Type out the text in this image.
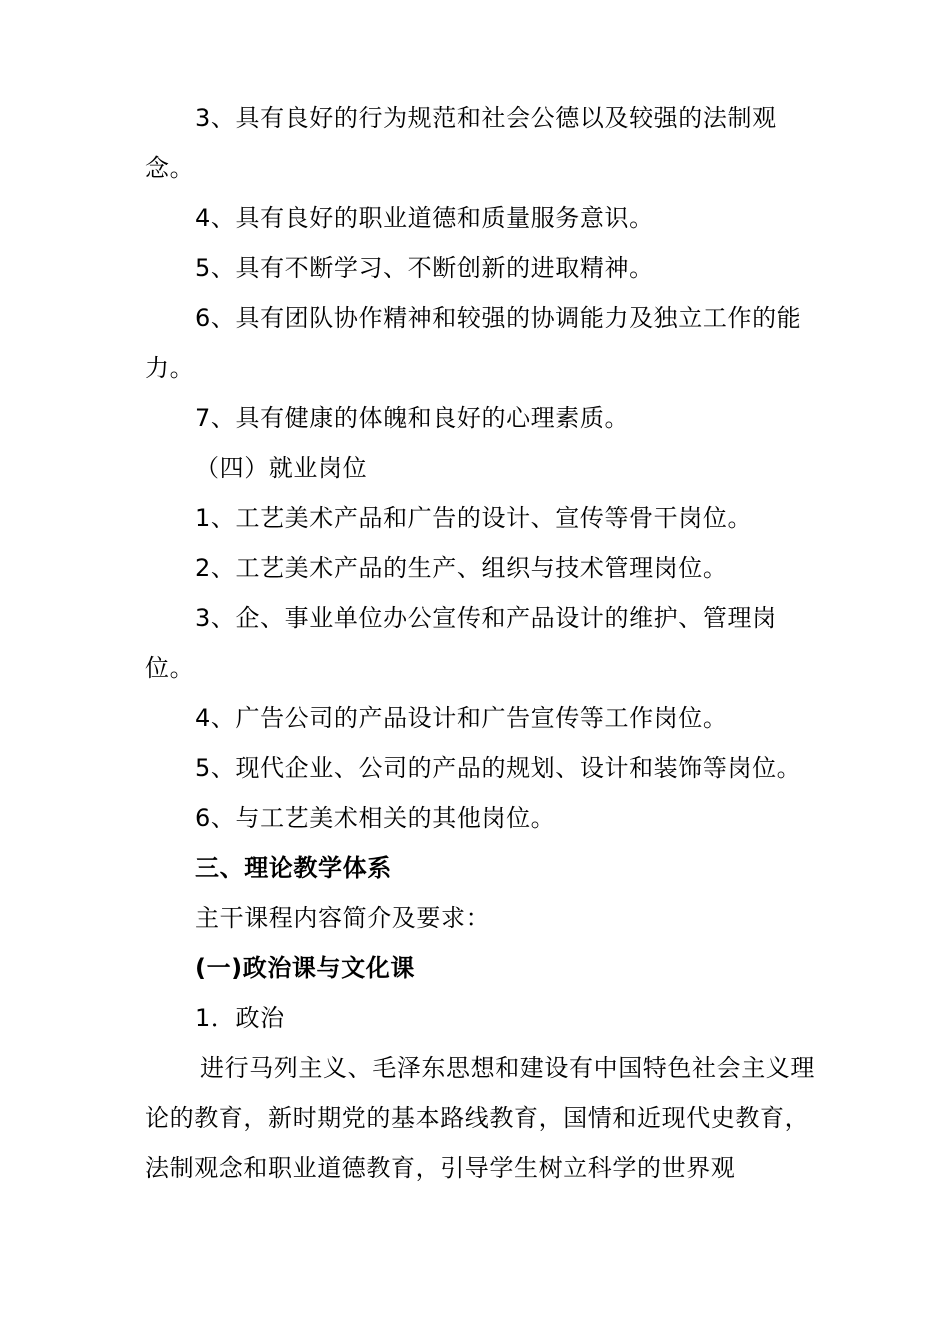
3、具有良好的行为规范和社会公德以及较强的法制观念。

4、具有良好的职业道德和质量服务意识。

5、具有不断学习、不断创新的进取精神。

6、具有团队协作精神和较强的协调能力及独立工作的能力。

7、具有健康的体魄和良好的心理素质。

（四）就业岗位

1、工艺美术产品和广告的设计、宣传等骨干岗位。

2、工艺美术产品的生产、组织与技术管理岗位。

3、企、事业单位办公宣传和产品设计的维护、管理岗位。

4、广告公司的产品设计和广告宣传等工作岗位。

5、现代企业、公司的产品的规划、设计和装饰等岗位。

6、与工艺美术相关的其他岗位。

三、理论教学体系

主干课程内容简介及要求：

(一)政治课与文化课

1．政治

进行马列主义、毛泽东思想和建设有中国特色社会主义理论的教育，新时期党的基本路线教育，国情和近现代史教育，法制观念和职业道德教育，引导学生树立科学的世界观
